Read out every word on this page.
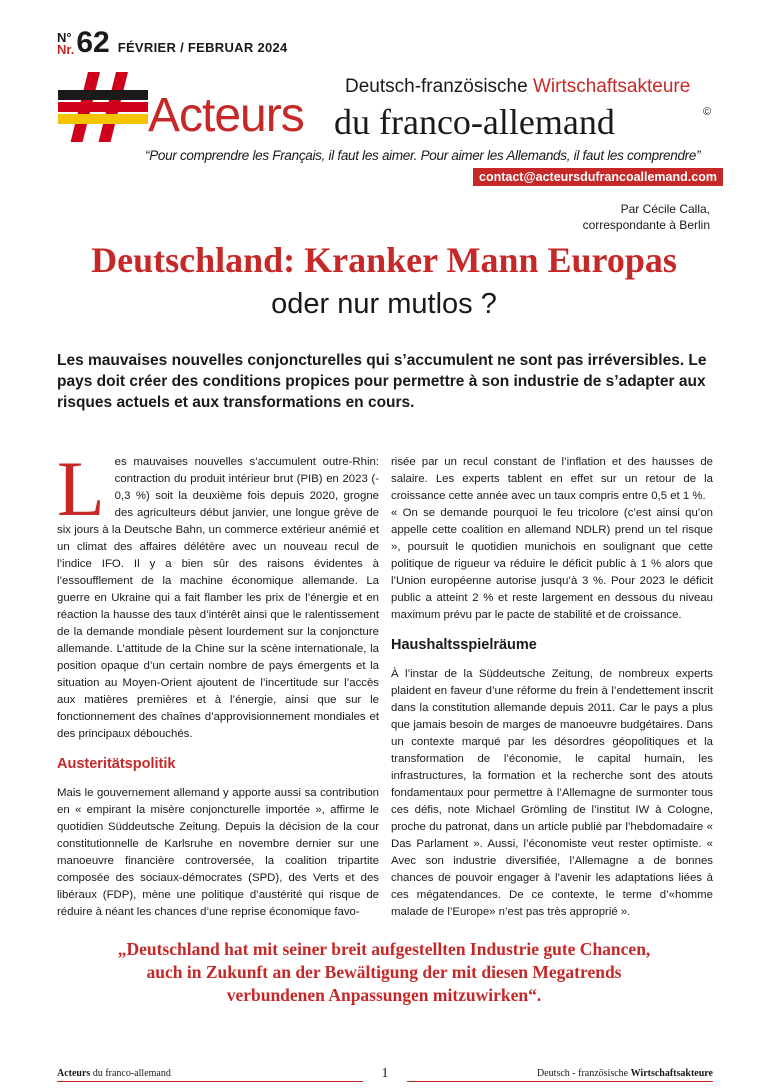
N°
Nr. 62 FÉVRIER / FEBRUAR 2024
Deutsch-französische Wirtschaftsakteure
Acteurs du franco-allemand	©
“Pour comprendre les Français, il faut les aimer. Pour aimer les Allemands, il faut les comprendre”
contact@acteursdufrancoallemand.com
Par Cécile Calla,
correspondante à Berlin
Deutschland: Kranker Mann Europas
oder nur mutlos ?

Les mauvaises nouvelles conjoncturelles qui s’accumulent ne sont pas irréversibles. Le pays doit créer des conditions propices pour permettre à son industrie de s’adapter aux risques actuels et aux transformations en cours.

L es mauvaises nouvelles s’accumulent outre-Rhin: contraction du produit intérieur brut (PIB) en 2023 (- 0,3 %) soit la deuxième fois depuis 2020, grogne des agriculteurs début janvier, une longue grève de six jours à la Deutsche Bahn, un commerce extérieur anémié et un climat des affaires délétère avec un nouveau recul de l’indice IFO. Il y a bien sûr des raisons évidentes à l’essoufflement de la machine économique allemande. La guerre en Ukraine qui a fait flamber les prix de l’énergie et en réaction la hausse des taux d’intérêt ainsi que le ralentissement de la demande mondiale pèsent lourdement sur la conjoncture allemande. L’attitude de la Chine sur la scène internationale, la position opaque d’un certain nombre de pays émergents et la situation au Moyen-Orient ajoutent de l’incertitude sur l’accès aux matières premières et à l’énergie, ainsi que sur le fonctionnement des chaînes d’approvisionnement mondiales et des principaux débouchés.

Austeritätspolitik

Mais le gouvernement allemand y apporte aussi sa contribution en « empirant la misère conjoncturelle importée », affirme le quotidien Süddeutsche Zeitung. Depuis la décision de la cour constitutionnelle de Karlsruhe en novembre dernier sur une manoeuvre financière controversée, la coalition tripartite composée des sociaux-démocrates (SPD), des Verts et des libéraux (FDP), mène une politique d’austérité qui risque de réduire à néant les chances d’une reprise économique favo-

risée par un recul constant de l’inflation et des hausses de salaire. Les experts tablent en effet sur un retour de la croissance cette année avec un taux compris entre 0,5 et 1 %.

« On se demande pourquoi le feu tricolore (c’est ainsi qu’on appelle cette coalition en allemand NDLR) prend un tel risque », poursuit le quotidien munichois en soulignant que cette politique de rigueur va réduire le déficit public à 1 % alors que l’Union européenne autorise jusqu’à 3 %. Pour 2023 le déficit public a atteint 2 % et reste largement en dessous du niveau maximum prévu par le pacte de stabilité et de croissance.

Haushaltsspielräume

À l’instar de la Süddeutsche Zeitung, de nombreux experts plaident en faveur d’une réforme du frein à l’endettement inscrit dans la constitution allemande depuis 2011. Car le pays a plus que jamais besoin de marges de manoeuvre budgétaires. Dans un contexte marqué par les désordres géopolitiques et la transformation de l’économie, le capital humain, les infrastructures, la formation et la recherche sont des atouts fondamentaux pour permettre à l’Allemagne de surmonter tous ces défis, note Michael Grömling de l’institut IW à Cologne, proche du patronat, dans un article publié par l’hebdomadaire « Das Parlament ». Aussi, l’économiste veut rester optimiste. « Avec son industrie diversifiée, l’Allemagne a de bonnes chances de pouvoir engager à l’avenir les adaptations liées à ces mégatendances. De ce contexte, le terme d’«homme malade de l’Europe» n’est pas très approprié ».

„Deutschland hat mit seiner breit aufgestellten Industrie gute Chancen,
auch in Zukunft an der Bewältigung der mit diesen Megatrends
verbundenen Anpassungen mitzuwirken“.
Acteurs du franco-allemand	1	Deutsch - französische Wirtschaftsakteure
